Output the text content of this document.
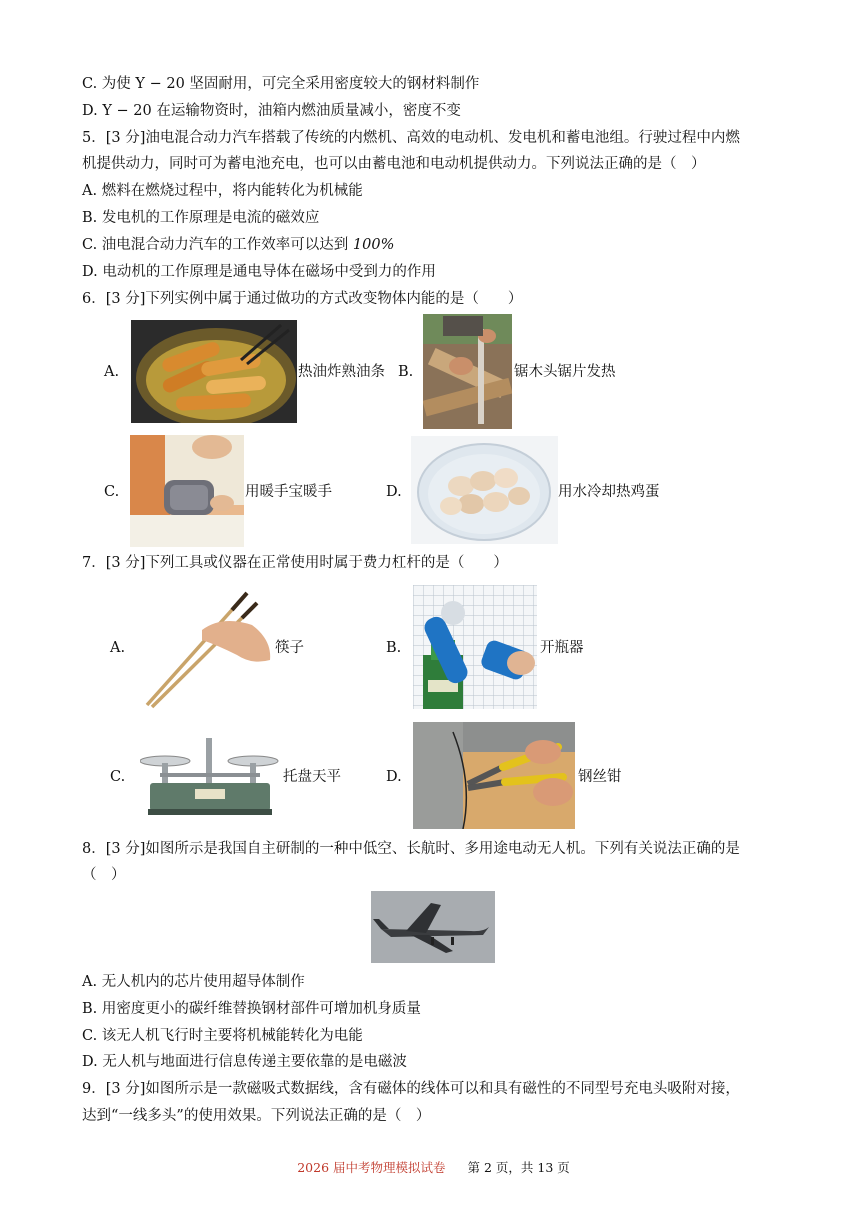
C. 为使 Y − 20 坚固耐用，可完全采用密度较大的钢材料制作
D. Y − 20 在运输物资时，油箱内燃油质量减小，密度不变
5．[3 分]油电混合动力汽车搭载了传统的内燃机、高效的电动机、发电机和蓄电池组。行驶过程中内燃
机提供动力，同时可为蓄电池充电，也可以由蓄电池和电动机提供动力。下列说法正确的是（　）
A. 燃料在燃烧过程中，将内能转化为机械能
B. 发电机的工作原理是电流的磁效应
C. 油电混合动力汽车的工作效率可以达到 100%
D. 电动机的工作原理是通电导体在磁场中受到力的作用
6．[3 分]下列实例中属于通过做功的方式改变物体内能的是（　　）
A.	热油炸熟油条 B.	锯木头锯片发热
C.	用暖手宝暖手	D.	用水冷却热鸡蛋
7．[3 分]下列工具或仪器在正常使用时属于费力杠杆的是（　　）
A.	筷子	B.	开瓶器
C.	托盘天平	D.	钢丝钳
8．[3 分]如图所示是我国自主研制的一种中低空、长航时、多用途电动无人机。下列有关说法正确的是
（　）
A. 无人机内的芯片使用超导体制作
B. 用密度更小的碳纤维替换钢材部件可增加机身质量
C. 该无人机飞行时主要将机械能转化为电能
D. 无人机与地面进行信息传递主要依靠的是电磁波
9．[3 分]如图所示是一款磁吸式数据线，含有磁体的线体可以和具有磁性的不同型号充电头吸附对接，
达到“一线多头”的使用效果。下列说法正确的是（　）
2026 届中考物理模拟试卷 第 2 页，共 13 页
